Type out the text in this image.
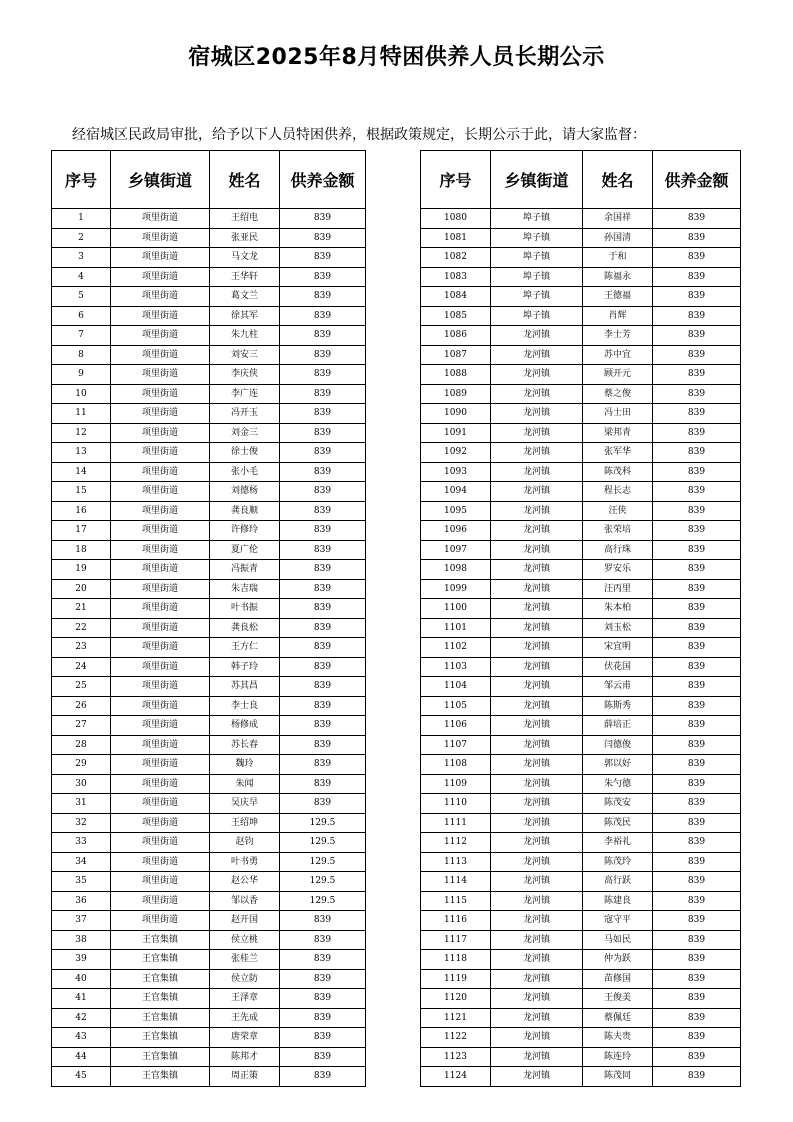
宿城区2025年8月特困供养人员长期公示
经宿城区民政局审批，给予以下人员特困供养，根据政策规定，长期公示于此，请大家监督：
序号	乡镇街道	姓名	供养金额
1	项里街道	王绍电	839
2	项里街道	张亚民	839
3	项里街道	马文龙	839
4	项里街道	王华轩	839
5	项里街道	葛文兰	839
6	项里街道	徐其军	839
7	项里街道	朱九柱	839
8	项里街道	刘安三	839
9	项里街道	李庆侠	839
10	项里街道	李广连	839
11	项里街道	冯开玉	839
12	项里街道	刘金三	839
13	项里街道	徐士俊	839
14	项里街道	张小毛	839
15	项里街道	刘德杨	839
16	项里街道	龚良顺	839
17	项里街道	许修玲	839
18	项里街道	夏广伦	839
19	项里街道	冯振青	839
20	项里街道	朱吉瑞	839
21	项里街道	叶书振	839
22	项里街道	龚良松	839
23	项里街道	王方仁	839
24	项里街道	韩子玲	839
25	项里街道	苏其昌	839
26	项里街道	李士良	839
27	项里街道	杨修成	839
28	项里街道	苏长春	839
29	项里街道	魏玲	839
30	项里街道	朱闻	839
31	项里街道	吴庆早	839
32	项里街道	王绍坤	129.5
33	项里街道	赵钧	129.5
34	项里街道	叶书勇	129.5
35	项里街道	赵公华	129.5
36	项里街道	邹以香	129.5
37	项里街道	赵开国	839
38	王官集镇	侯立桃	839
39	王官集镇	张桂兰	839
40	王官集镇	侯立防	839
41	王官集镇	王泽章	839
42	王官集镇	王先成	839
43	王官集镇	唐荣章	839
44	王官集镇	陈邦才	839
45	王官集镇	周正策	839
序号	乡镇街道	姓名	供养金额
1080	埠子镇	余国祥	839
1081	埠子镇	孙国清	839
1082	埠子镇	于和	839
1083	埠子镇	陈福永	839
1084	埠子镇	王德福	839
1085	埠子镇	肖辉	839
1086	龙河镇	李士芳	839
1087	龙河镇	苏中宜	839
1088	龙河镇	顾开元	839
1089	龙河镇	蔡之俊	839
1090	龙河镇	冯士田	839
1091	龙河镇	梁邦青	839
1092	龙河镇	张军华	839
1093	龙河镇	陈茂科	839
1094	龙河镇	程长志	839
1095	龙河镇	汪侠	839
1096	龙河镇	张荣培	839
1097	龙河镇	高行珠	839
1098	龙河镇	罗安乐	839
1099	龙河镇	汪丙里	839
1100	龙河镇	朱本柏	839
1101	龙河镇	刘玉松	839
1102	龙河镇	宋宜明	839
1103	龙河镇	伏花国	839
1104	龙河镇	邹云甫	839
1105	龙河镇	陈斯秀	839
1106	龙河镇	薛培正	839
1107	龙河镇	闫德俊	839
1108	龙河镇	郭以好	839
1109	龙河镇	朱勺德	839
1110	龙河镇	陈茂安	839
1111	龙河镇	陈茂民	839
1112	龙河镇	李裕礼	839
1113	龙河镇	陈茂玲	839
1114	龙河镇	高行跃	839
1115	龙河镇	陈建良	839
1116	龙河镇	寇守平	839
1117	龙河镇	马如民	839
1118	龙河镇	仲为跃	839
1119	龙河镇	苗修国	839
1120	龙河镇	王俊美	839
1121	龙河镇	蔡佩廷	839
1122	龙河镇	陈夫贵	839
1123	龙河镇	陈连玲	839
1124	龙河镇	陈茂同	839
